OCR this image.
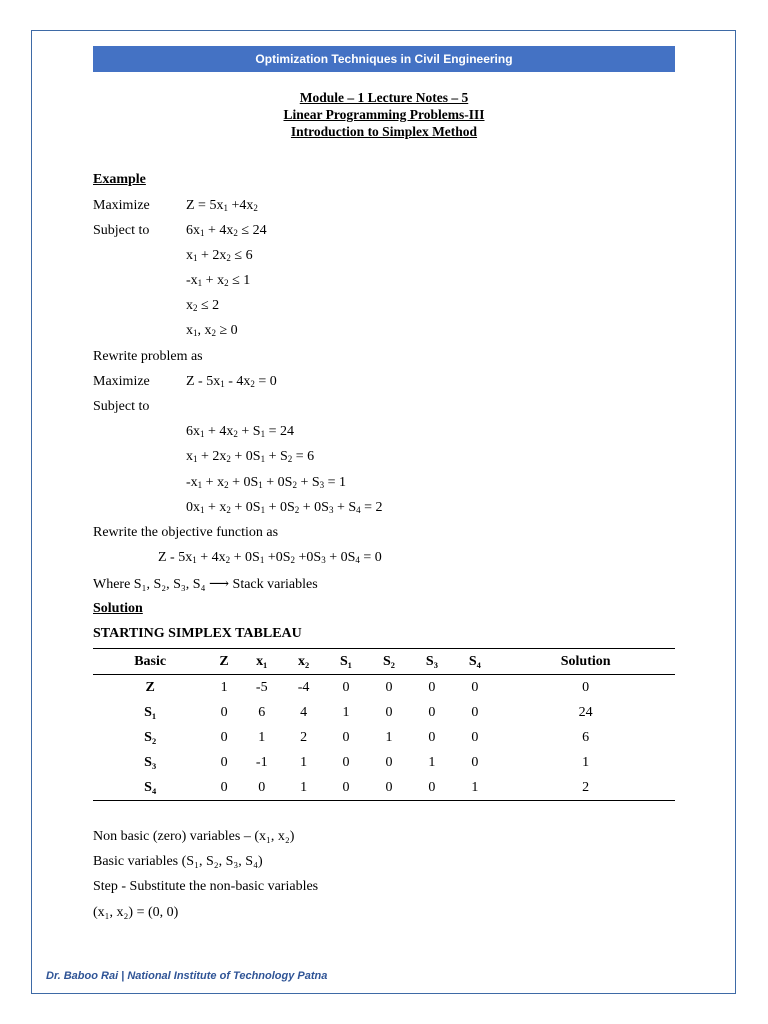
Optimization Techniques in Civil Engineering
Module – 1 Lecture Notes – 5
Linear Programming Problems-III
Introduction to Simplex Method
Example
Maximize	$Z = 5x_1 +4x_2$
Subject to	$6x_1 + 4x_2 \le 24$
$x_1 + 2x_2 \le 6$
$-x_1 + x_2 \le 1$
$x_2 \le 2$
$x_1$, $x_2 \ge 0$
Rewrite problem as
Maximize	$Z - 5x_1 - 4x_2 = 0$
Subject to
$6x_1 + 4x_2 + S_1 = 24$
$x_1 + 2x_2 + 0S_1 + S_2 = 6$
$-x_1 + x_2 + 0S_1 + 0S_2 + S_3 = 1$
$0x_1 + x_2 + 0S_1 + 0S_2 + 0S_3 + S_4 = 2$
Rewrite the objective function as
$Z - 5x_1 + 4x_2 + 0S_1 +0S_2 +0S_3 + 0S_4 = 0$
Where S₁, S₂, S₃, S₄ ⟶ Stack variables
Solution
STARTING SIMPLEX TABLEAU
Basic	Z	x₁	x₂	S₁	S₂	S₃	S₄	Solution
Z	1	-5	-4	0	0	0	0	0
S₁	0	6	4	1	0	0	0	24
S₂	0	1	2	0	1	0	0	6
S₃	0	-1	1	0	0	1	0	1
S₄	0	0	1	0	0	0	1	2
Non basic (zero) variables – (x₁, x₂)
Basic variables (S₁, S₂, S₃, S₄)
Step - Substitute the non-basic variables
(x₁, x₂) = (0, 0)
Dr. Baboo Rai | National Institute of Technology Patna
